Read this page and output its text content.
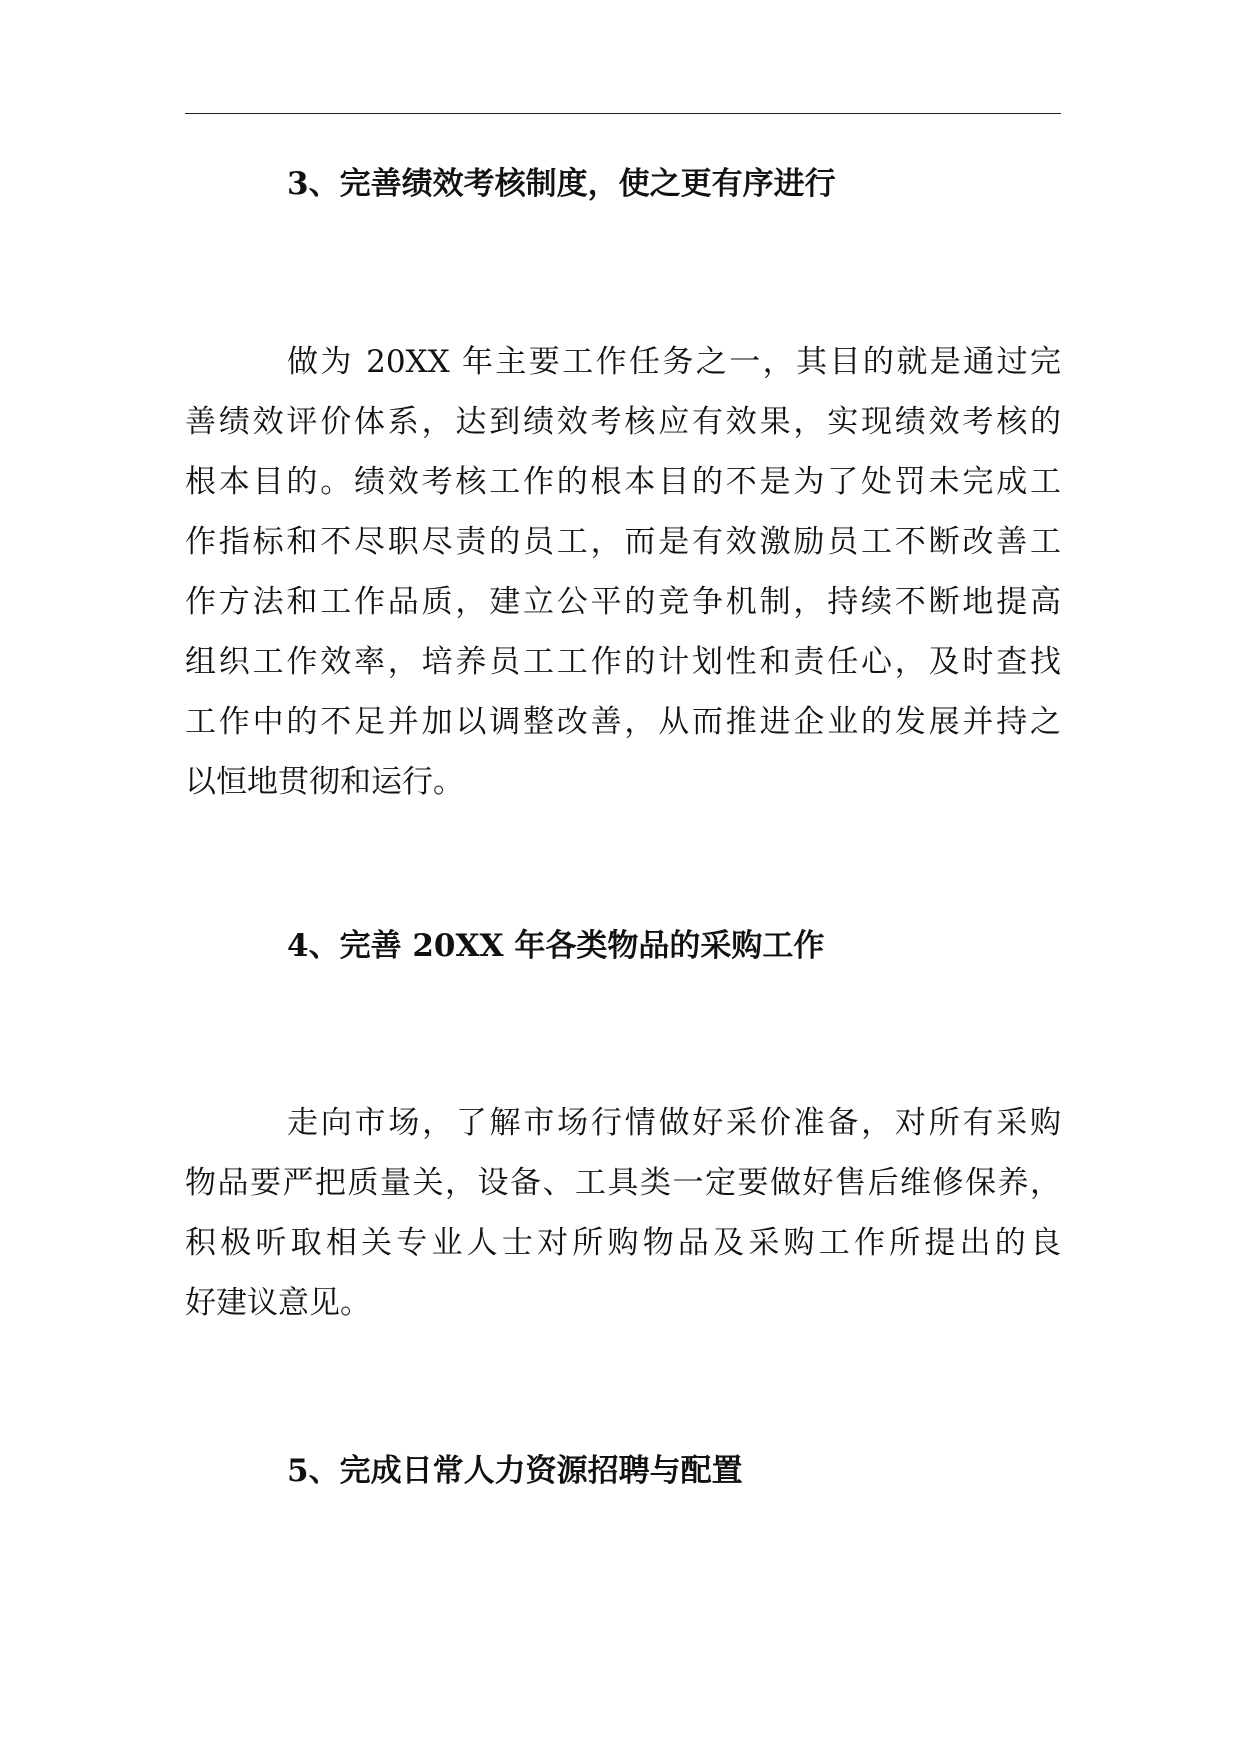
3、完善绩效考核制度，使之更有序进行
做为 20XX 年主要工作任务之一，其目的就是通过完
善绩效评价体系，达到绩效考核应有效果，实现绩效考核的
根本目的。绩效考核工作的根本目的不是为了处罚未完成工
作指标和不尽职尽责的员工，而是有效激励员工不断改善工
作方法和工作品质，建立公平的竞争机制，持续不断地提高
组织工作效率，培养员工工作的计划性和责任心，及时查找
工作中的不足并加以调整改善，从而推进企业的发展并持之
以恒地贯彻和运行。
4、完善 20XX 年各类物品的采购工作
走向市场，了解市场行情做好采价准备，对所有采购
物品要严把质量关，设备、工具类一定要做好售后维修保养，
积极听取相关专业人士对所购物品及采购工作所提出的良
好建议意见。
5、完成日常人力资源招聘与配置
